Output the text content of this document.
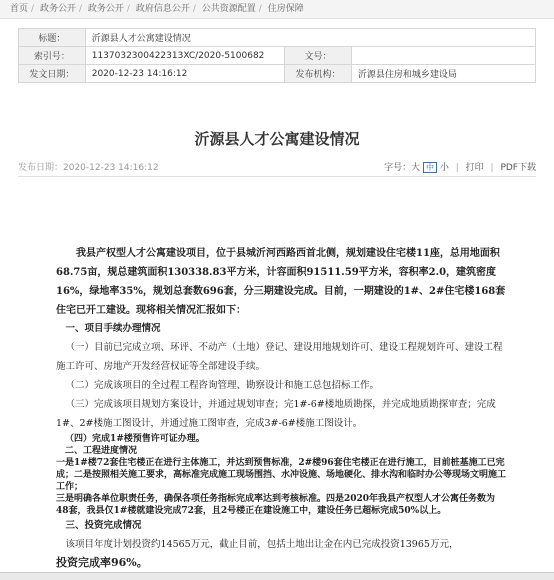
首页 / 政务公开 / 政务公开 / 政府信息公开 / 公共资源配置 / 住房保障
标题：	沂源县人才公寓建设情况		
索引号：	1137032300422313XC/2020-5100682	文号：	
发文日期：	2020-12-23 14:16:12	发布机构：	沂源县住房和城乡建设局
沂源县人才公寓建设情况
发布日期：2020-12-23 14:16:12	字号：大 中 小 | 打印 | PDF下载

我县产权型人才公寓建设项目，位于县城沂河西路西首北侧，规划建设住宅楼11座，总用地面积68.75亩，规总建筑面积130338.83平方米，计容面积91511.59平方米，容积率2.0，建筑密度16%，绿地率35%，规划总套数696套，分三期建设完成。目前，一期建设的1#、2#住宅楼168套住宅已开工建设。现将相关情况汇报如下：

一、项目手续办理情况

（一）目前已完成立项、环评、不动产（土地）登记、建设用地规划许可、建设工程规划许可、建设工程施工许可、房地产开发经营权证等全部建设手续。

（二）完成该项目的全过程工程咨询管理、勘察设计和施工总包招标工作。

（三）完成该项目规划方案设计，并通过规划审查；完1#-6#楼地质勘探，并完成地质勘探审查；完成1#、2#楼施工图设计，并通过施工图审查，完成3#-6#楼施工图设计。

（四）完成1#楼预售许可证办理。

二、工程进度情况

一是1#楼72套住宅楼正在进行主体施工，并达到预售标准，2#楼96套住宅楼正在进行施工，目前桩基施工已完成；二是按照相关施工要求，高标准完成施工现场围挡、水冲设施、场地硬化、排水沟和临时办公等现场文明施工工作；

三是明确各单位职责任务，确保各项任务指标完成率达到考核标准。四是2020年我县产权型人才公寓任务数为48套，我县仅1#楼就建设完成72套，且2号楼正在建设施工中，建设任务已超标完成50%以上。

三、投资完成情况

该项目年度计划投资约14565万元，截止目前，包括土地出让金在内已完成投资13965万元，

投资完成率96%。
